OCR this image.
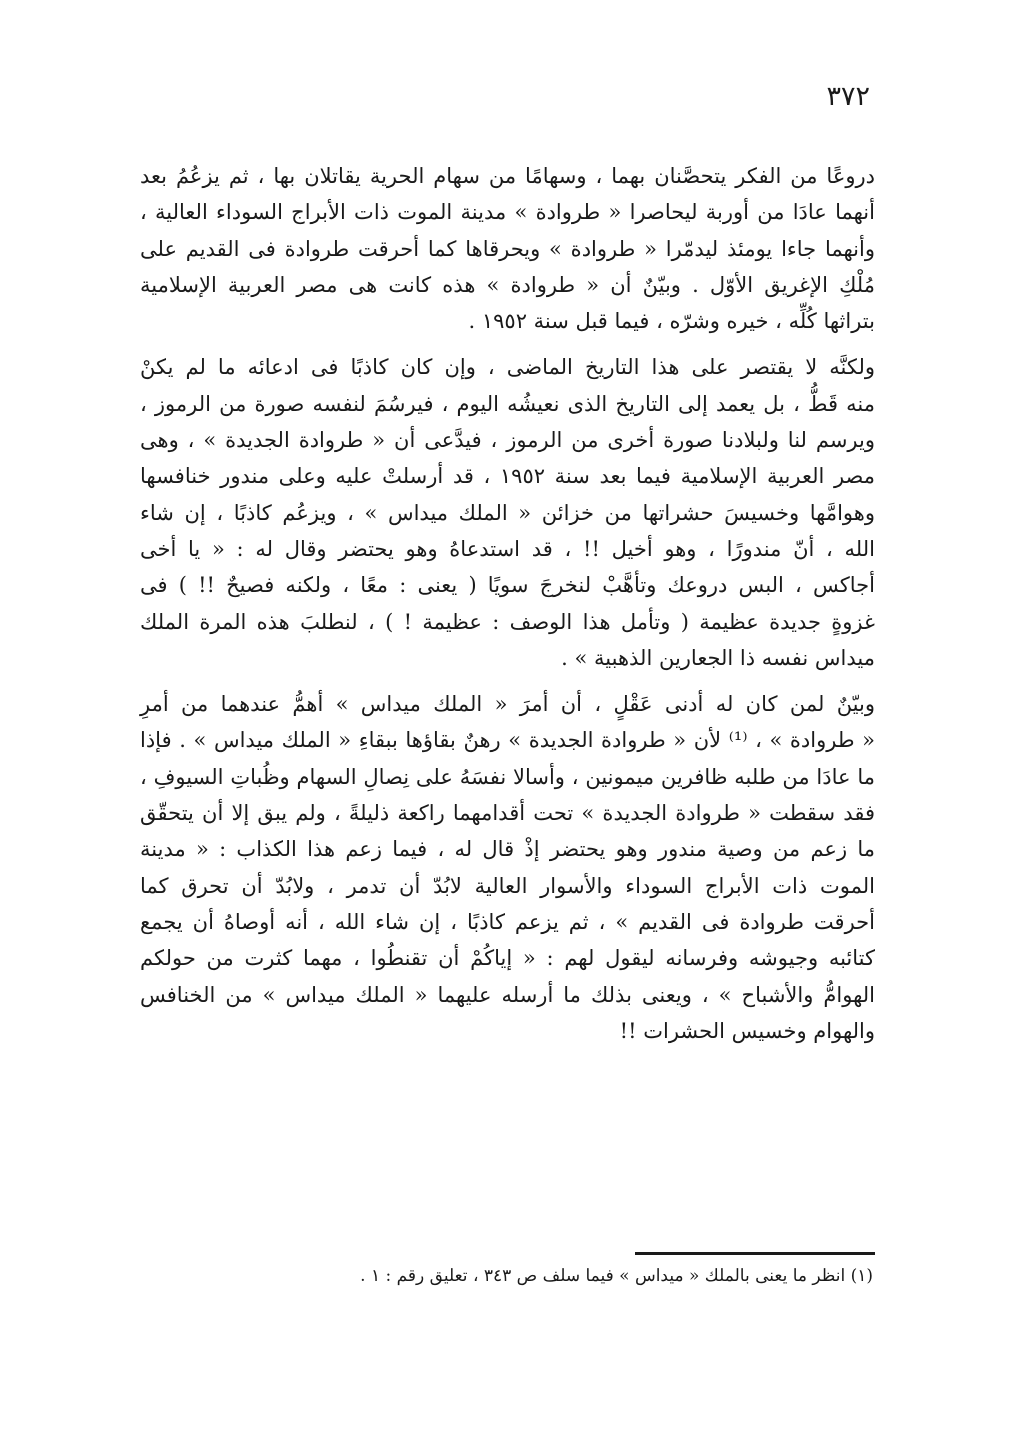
٣٧٢

دروعًا من الفكر يتحصَّنان بهما ، وسهامًا من سهام الحرية يقاتلان بها ، ثم يزعُمُ بعد
أنهما عادَا من أوربة ليحاصرا « طروادة » مدينة الموت ذات الأبراج السوداء العالية ،
وأنهما جاءا يومئذ ليدمّرا « طروادة » ويحرقاها كما أحرقت طروادة فى القديم على
مُلْكِ الإغريق الأوّل . وبيّنٌ أن « طروادة » هذه كانت هى مصر العربية الإسلامية
بتراثها كُلِّه ، خيره وشرّه ، فيما قبل سنة ١٩٥٢ .

ولكنَّه لا يقتصر على هذا التاريخ الماضى ، وإن كان كاذبًا فى ادعائه ما لم يكنْ
منه قَطُّ ، بل يعمد إلى التاريخ الذى نعيشُه اليوم ، فيرسُمَ لنفسه صورة من الرموز ،
ويرسم لنا ولبلادنا صورة أخرى من الرموز ، فيدَّعى أن « طروادة الجديدة » ، وهى
مصر العربية الإسلامية فيما بعد سنة ١٩٥٢ ، قد أرسلتْ عليه وعلى مندور خنافسها
وهوامَّها وخسيسَ حشراتها من خزائن « الملك ميداس » ، ويزعُم كاذبًا ، إن شاء
الله ، أنّ مندورًا ، وهو أخيل !! ، قد استدعاهُ وهو يحتضر وقال له : « يا أخى
أجاكس ، البس دروعك وتأهَّبْ لنخرجَ سويًا ( يعنى : معًا ، ولكنه فصيحٌ !! ) فى
غزوةٍ جديدة عظيمة ( وتأمل هذا الوصف : عظيمة ! ) ، لنطلبَ هذه المرة الملك
ميداس نفسه ذا الجعارين الذهبية » .

وبيّنٌ لمن كان له أدنى عَقْلٍ ، أن أمرَ « الملك ميداس » أهمُّ عندهما من أمرِ
« طروادة » ، ⁽¹⁾ لأن « طروادة الجديدة » رهنٌ بقاؤها ببقاءِ « الملك ميداس » . فإذا
ما عادَا من طلبه ظافرين ميمونين ، وأسالا نفسَهُ على نِصالِ السهام وظُباتِ السيوفِ ،
فقد سقطت « طروادة الجديدة » تحت أقدامهما راكعة ذليلةً ، ولم يبق إلا أن يتحقّق
ما زعم من وصية مندور وهو يحتضر إذْ قال له ، فيما زعم هذا الكذاب : « مدينة
الموت ذات الأبراج السوداء والأسوار العالية لابُدّ أن تدمر ، ولابُدّ أن تحرق كما
أحرقت طروادة فى القديم » ، ثم يزعم كاذبًا ، إن شاء الله ، أنه أوصاهُ أن يجمع
كتائبه وجيوشه وفرسانه ليقول لهم : « إياكُمْ أن تقنطُوا ، مهما كثرت من حولكم
الهوامُّ والأشباح » ، ويعنى بذلك ما أرسله عليهما « الملك ميداس » من الخنافس
والهوام وخسيس الحشرات !!

(١) انظر ما يعنى بالملك « ميداس » فيما سلف ص ٣٤٣ ، تعليق رقم : ١ .
